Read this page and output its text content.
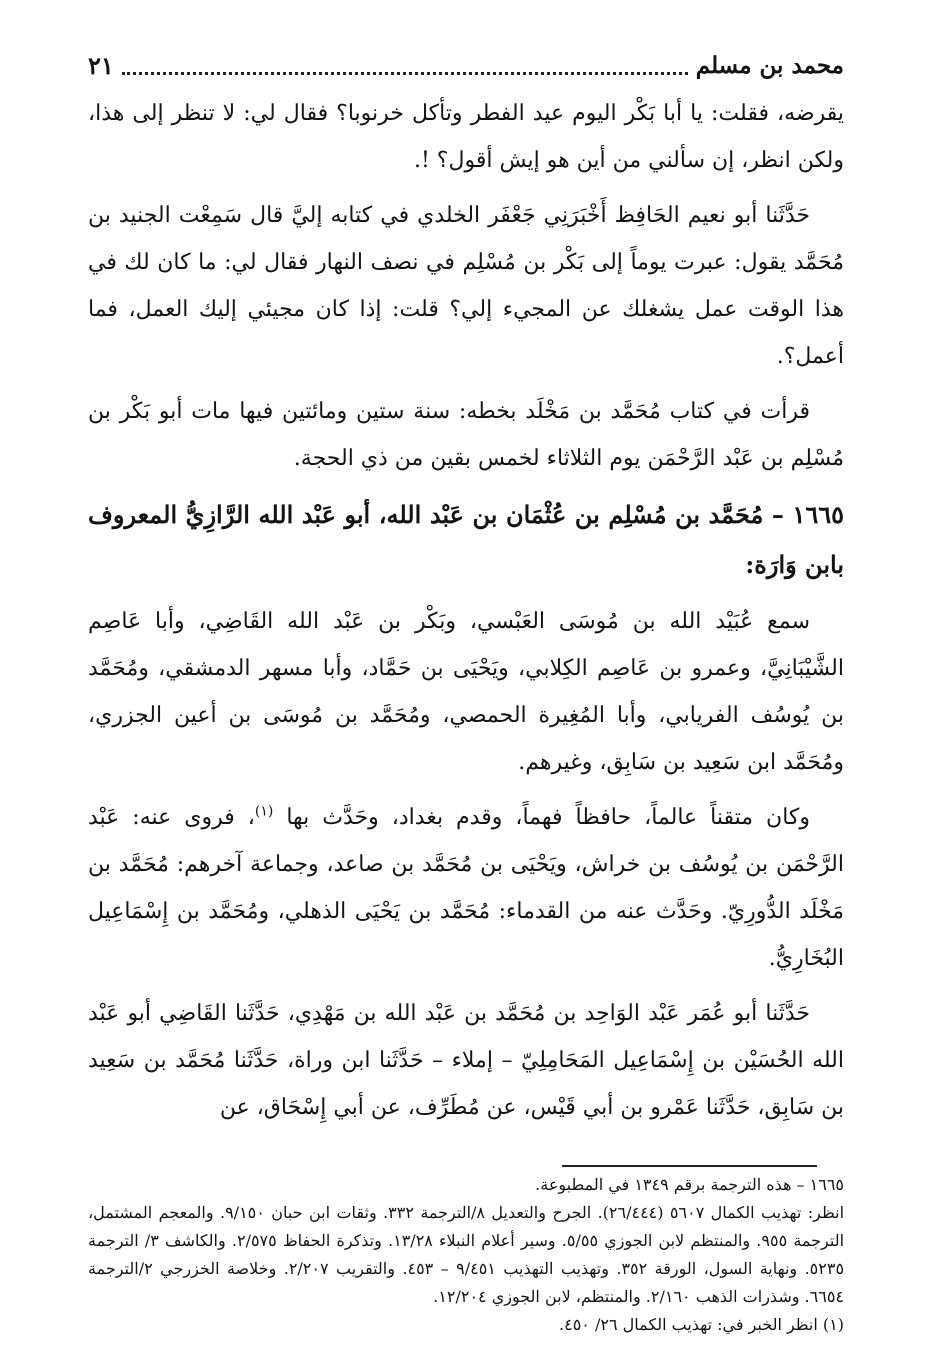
محمد بن مسلم
٢١

يقرضه، فقلت: يا أبا بَكْر اليوم عيد الفطر وتأكل خرنوبا؟ فقال لي: لا تنظر إلى هذا، ولكن انظر، إن سألني من أين هو إيش أقول؟ !.

حَدَّثَنا أبو نعيم الحَافِظ أَخْبَرَنِي جَعْفَر الخلدي في كتابه إليَّ قال سَمِعْت الجنيد بن مُحَمَّد يقول: عبرت يوماً إلى بَكْر بن مُسْلِم في نصف النهار فقال لي: ما كان لك في هذا الوقت عمل يشغلك عن المجيء إلي؟ قلت: إذا كان مجيئي إليك العمل، فما أعمل؟.

قرأت في كتاب مُحَمَّد بن مَخْلَد بخطه: سنة ستين ومائتين فيها مات أبو بَكْر بن مُسْلِم بن عَبْد الرَّحْمَن يوم الثلاثاء لخمس بقين من ذي الحجة.

١٦٦٥ – مُحَمَّد بن مُسْلِم بن عُثْمَان بن عَبْد الله، أبو عَبْد الله الرَّازِيُّ المعروف بابن وَارَة:

سمع عُبَيْد الله بن مُوسَى العَبْسي، وبَكْر بن عَبْد الله القَاضِي، وأبا عَاصِم الشَّيْبَانِيَّ، وعمرو بن عَاصِم الكِلابي، ويَحْيَى بن حَمَّاد، وأبا مسهر الدمشقي، ومُحَمَّد بن يُوسُف الفريابي، وأبا المُغِيرة الحمصي، ومُحَمَّد بن مُوسَى بن أعين الجزري، ومُحَمَّد ابن سَعِيد بن سَابِق، وغيرهم.

وكان متقناً عالماً، حافظاً فهماً، وقدم بغداد، وحَدَّث بها $^{(١)}$، فروى عنه: عَبْد الرَّحْمَن بن يُوسُف بن خراش، ويَحْيَى بن مُحَمَّد بن صاعد، وجماعة آخرهم: مُحَمَّد بن مَخْلَد الدُّورِيّ. وحَدَّث عنه من القدماء: مُحَمَّد بن يَحْيَى الذهلي، ومُحَمَّد بن إِسْمَاعِيل البُخَارِيُّ.

حَدَّثَنا أبو عُمَر عَبْد الوَاحِد بن مُحَمَّد بن عَبْد الله بن مَهْدِي، حَدَّثَنا القَاضِي أبو عَبْد الله الحُسَيْن بن إِسْمَاعِيل المَحَامِلِيّ – إملاء – حَدَّثَنا ابن وراة، حَدَّثَنا مُحَمَّد بن سَعِيد بن سَابِق، حَدَّثَنا عَمْرو بن أبي قَيْس، عن مُطَرِّف، عن أبي إِسْحَاق، عن

١٦٦٥ – هذه الترجمة برقم ١٣٤٩ في المطبوعة.

انظر: تهذيب الكمال ٥٦٠٧ (٢٦/٤٤٤). الجرح والتعديل ٨/الترجمة ٣٣٢. وثقات ابن حبان ٩/١٥٠. والمعجم المشتمل، الترجمة ٩٥٥. والمنتظم لابن الجوزي ٥/٥٥. وسير أعلام النبلاء ١٣/٢٨. وتذكرة الحفاظ ٢/٥٧٥. والكاشف ٣/ الترجمة ٥٢٣٥. ونهاية السول، الورقة ٣٥٢. وتهذيب التهذيب ٩/٤٥١ – ٤٥٣. والتقريب ٢/٢٠٧. وخلاصة الخزرجي ٢/الترجمة ٦٦٥٤. وشذرات الذهب ٢/١٦٠. والمنتظم، لابن الجوزي ١٢/٢٠٤.

(١) انظر الخبر في: تهذيب الكمال ٢٦/ ٤٥٠.
